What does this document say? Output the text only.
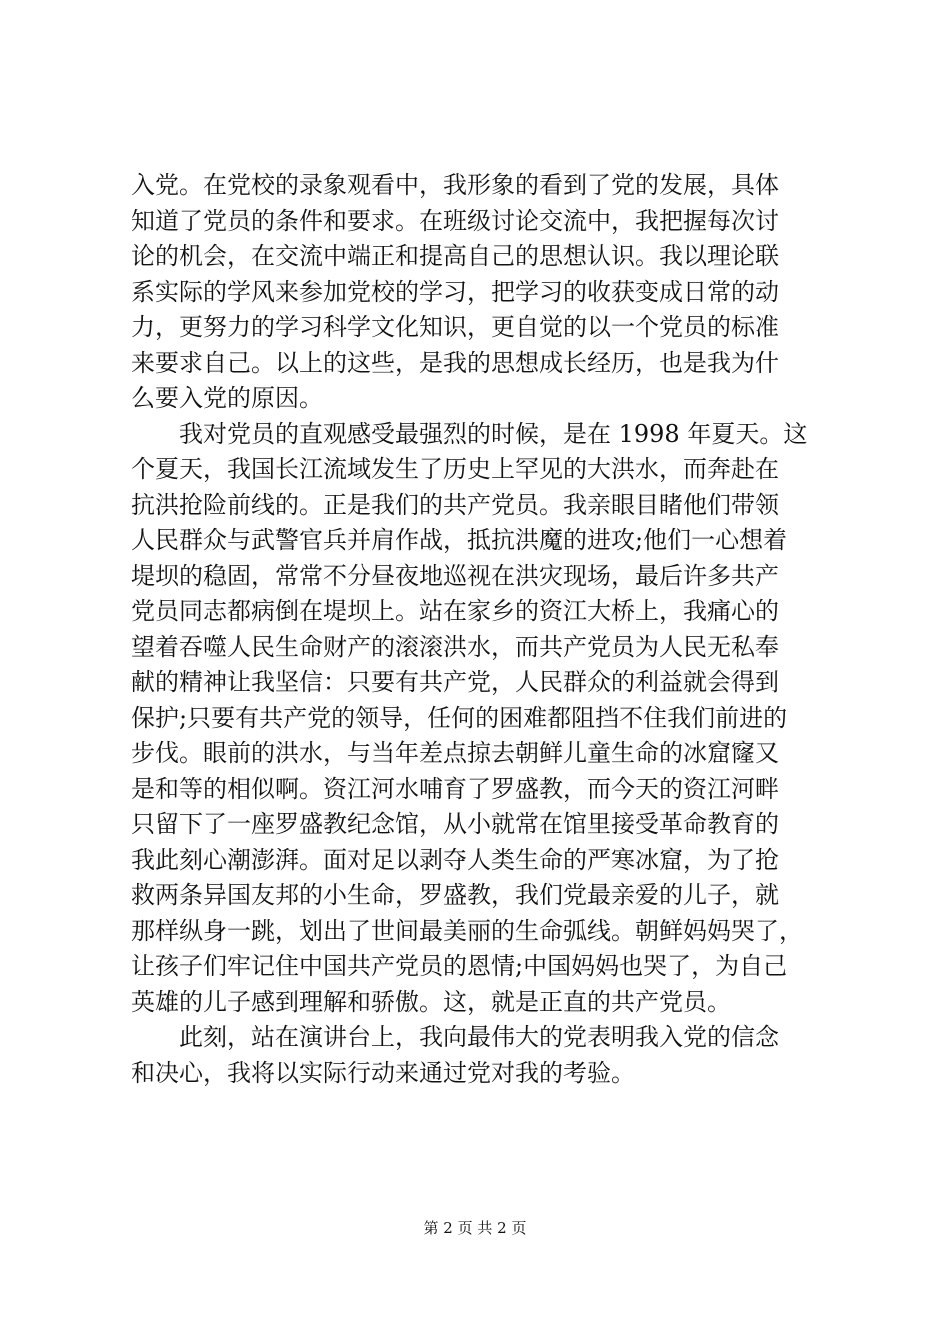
入党。在党校的录象观看中，我形象的看到了党的发展，具体
知道了党员的条件和要求。在班级讨论交流中，我把握每次讨
论的机会，在交流中端正和提高自己的思想认识。我以理论联
系实际的学风来参加党校的学习，把学习的收获变成日常的动
力，更努力的学习科学文化知识，更自觉的以一个党员的标准
来要求自己。以上的这些，是我的思想成长经历，也是我为什
么要入党的原因。
我对党员的直观感受最强烈的时候，是在 1998 年夏天。这
个夏天，我国长江流域发生了历史上罕见的大洪水，而奔赴在
抗洪抢险前线的。正是我们的共产党员。我亲眼目睹他们带领
人民群众与武警官兵并肩作战，抵抗洪魔的进攻;他们一心想着
堤坝的稳固，常常不分昼夜地巡视在洪灾现场，最后许多共产
党员同志都病倒在堤坝上。站在家乡的资江大桥上，我痛心的
望着吞噬人民生命财产的滚滚洪水，而共产党员为人民无私奉
献的精神让我坚信：只要有共产党，人民群众的利益就会得到
保护;只要有共产党的领导，任何的困难都阻挡不住我们前进的
步伐。眼前的洪水，与当年差点掠去朝鲜儿童生命的冰窟窿又
是和等的相似啊。资江河水哺育了罗盛教，而今天的资江河畔
只留下了一座罗盛教纪念馆，从小就常在馆里接受革命教育的
我此刻心潮澎湃。面对足以剥夺人类生命的严寒冰窟，为了抢
救两条异国友邦的小生命，罗盛教，我们党最亲爱的儿子，就
那样纵身一跳，划出了世间最美丽的生命弧线。朝鲜妈妈哭了，
让孩子们牢记住中国共产党员的恩情;中国妈妈也哭了，为自己
英雄的儿子感到理解和骄傲。这，就是正直的共产党员。
此刻，站在演讲台上，我向最伟大的党表明我入党的信念
和决心，我将以实际行动来通过党对我的考验。
第 2 页 共 2 页
